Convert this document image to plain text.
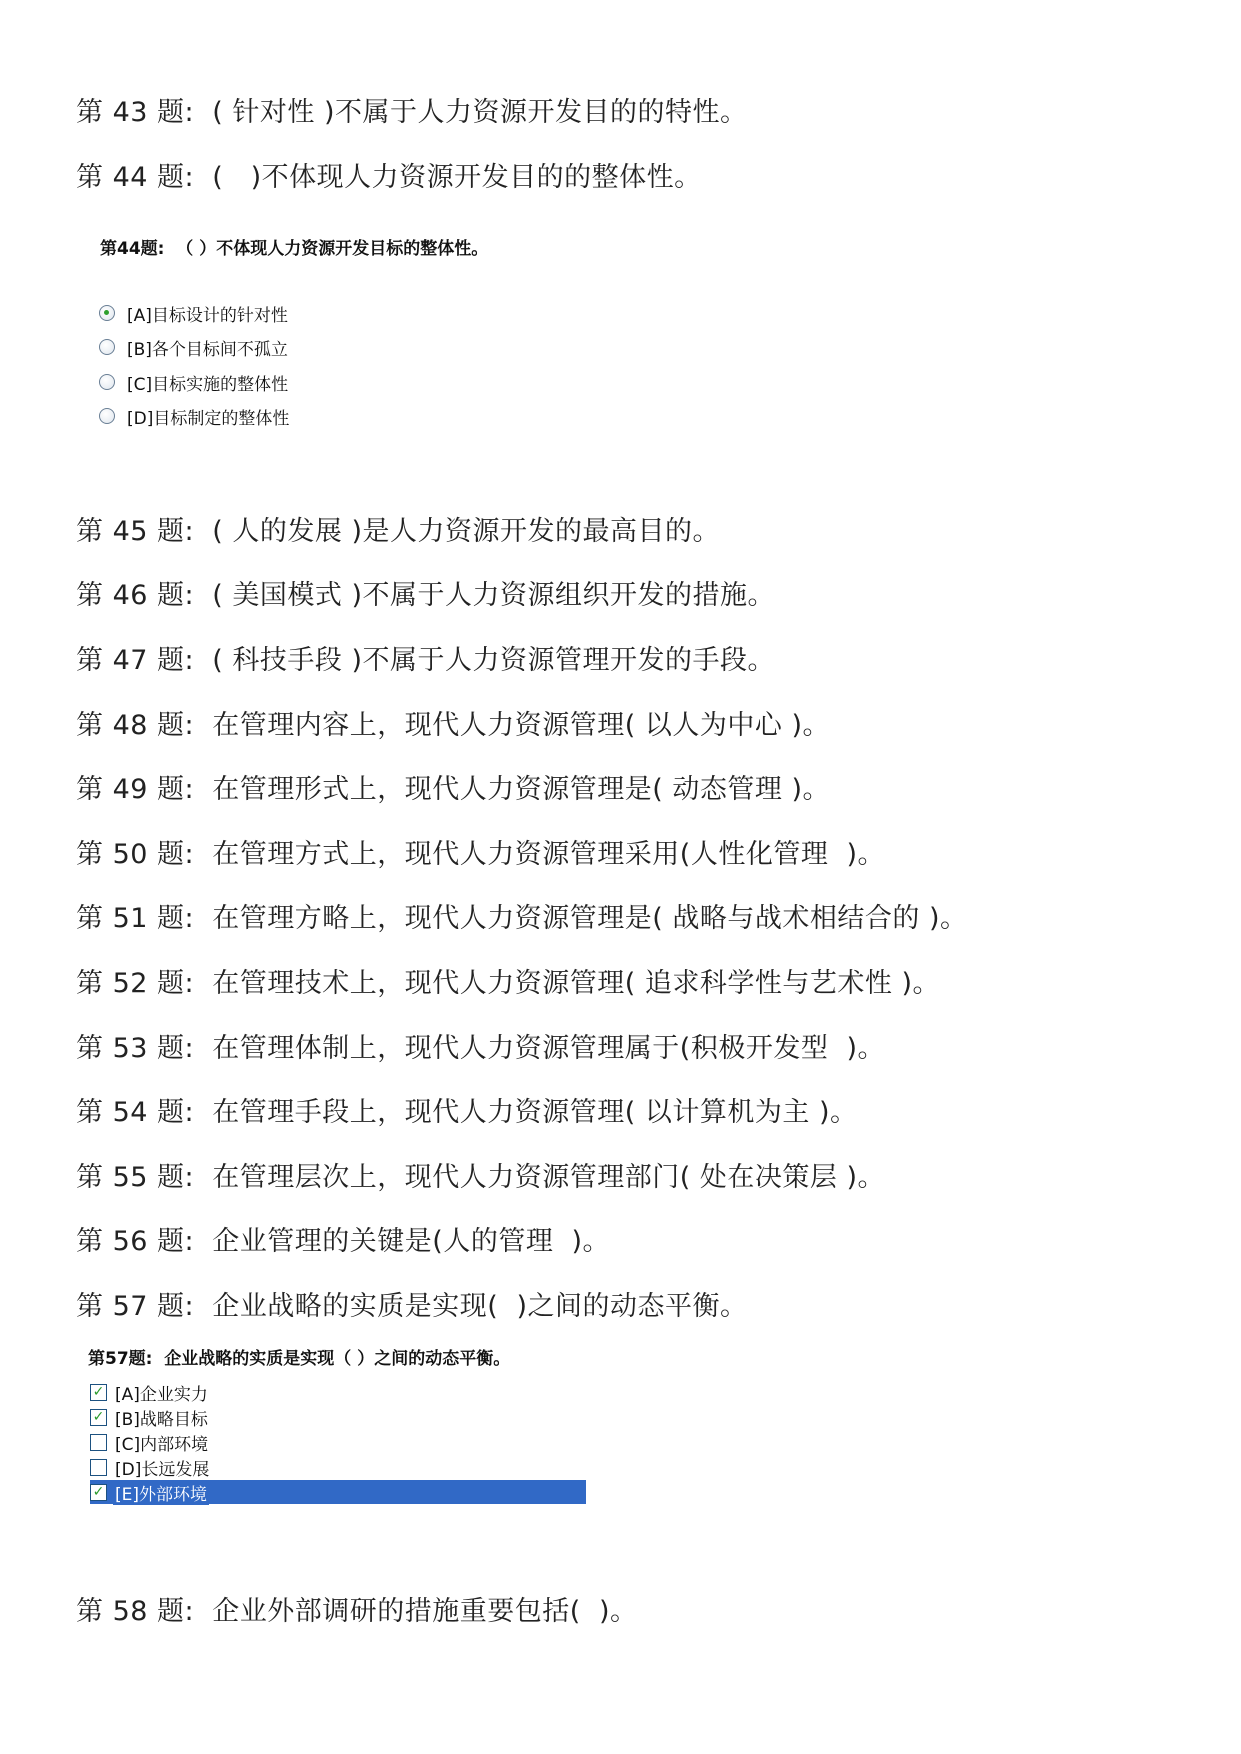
第 43 题:  ( 针对性 )不属于人力资源开发目的的特性。
第 44 题:  (   )不体现人力资源开发目的的整体性。
第44题:  （ ）不体现人力资源开发目标的整体性。
[A]目标设计的针对性
[B]各个目标间不孤立
[C]目标实施的整体性
[D]目标制定的整体性
第 45 题:  ( 人的发展 )是人力资源开发的最高目的。
第 46 题:  ( 美国模式 )不属于人力资源组织开发的措施。
第 47 题:  ( 科技手段 )不属于人力资源管理开发的手段。
第 48 题:  在管理内容上，现代人力资源管理( 以人为中心 )。
第 49 题:  在管理形式上，现代人力资源管理是( 动态管理 )。
第 50 题:  在管理方式上，现代人力资源管理采用(人性化管理  )。
第 51 题:  在管理方略上，现代人力资源管理是( 战略与战术相结合的 )。
第 52 题:  在管理技术上，现代人力资源管理( 追求科学性与艺术性 )。
第 53 题:  在管理体制上，现代人力资源管理属于(积极开发型  )。
第 54 题:  在管理手段上，现代人力资源管理( 以计算机为主 )。
第 55 题:  在管理层次上，现代人力资源管理部门( 处在决策层 )。
第 56 题:  企业管理的关键是(人的管理  )。
第 57 题:  企业战略的实质是实现(  )之间的动态平衡。
第57题:  企业战略的实质是实现（ ）之间的动态平衡。
✓ [A]企业实力
✓ [B]战略目标
[C]内部环境
[D]长远发展
✓ [E]外部环境
第 58 题:  企业外部调研的措施重要包括(  )。
